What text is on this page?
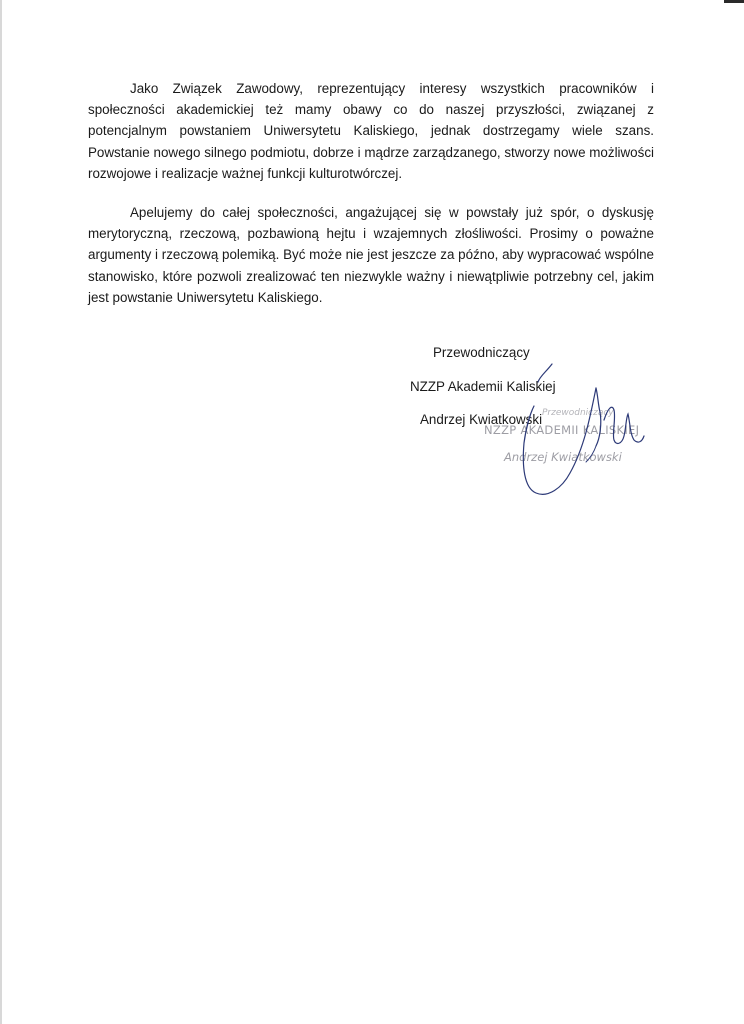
Jako Związek Zawodowy, reprezentujący interesy wszystkich pracowników i społeczności akademickiej też mamy obawy co do naszej przyszłości, związanej z potencjalnym powstaniem Uniwersytetu Kaliskiego, jednak dostrzegamy wiele szans. Powstanie nowego silnego podmiotu, dobrze i mądrze zarządzanego, stworzy nowe możliwości rozwojowe i realizacje ważnej funkcji kulturotwórczej.

Apelujemy do całej społeczności, angażującej się w powstały już spór, o dyskusję merytoryczną, rzeczową, pozbawioną hejtu i wzajemnych złośliwości. Prosimy o poważne argumenty i rzeczową polemiką. Być może nie jest jeszcze za późno, aby wypracować wspólne stanowisko, które pozwoli zrealizować ten niezwykle ważny i niewątpliwie potrzebny cel, jakim jest powstanie Uniwersytetu Kaliskiego.

Przewodniczący
NZZP Akademii Kaliskiej
Andrzej Kwiatkowski Przewodniczący
NZZP AKADEMII KALISKIEJ
Andrzej Kwiatkowski
